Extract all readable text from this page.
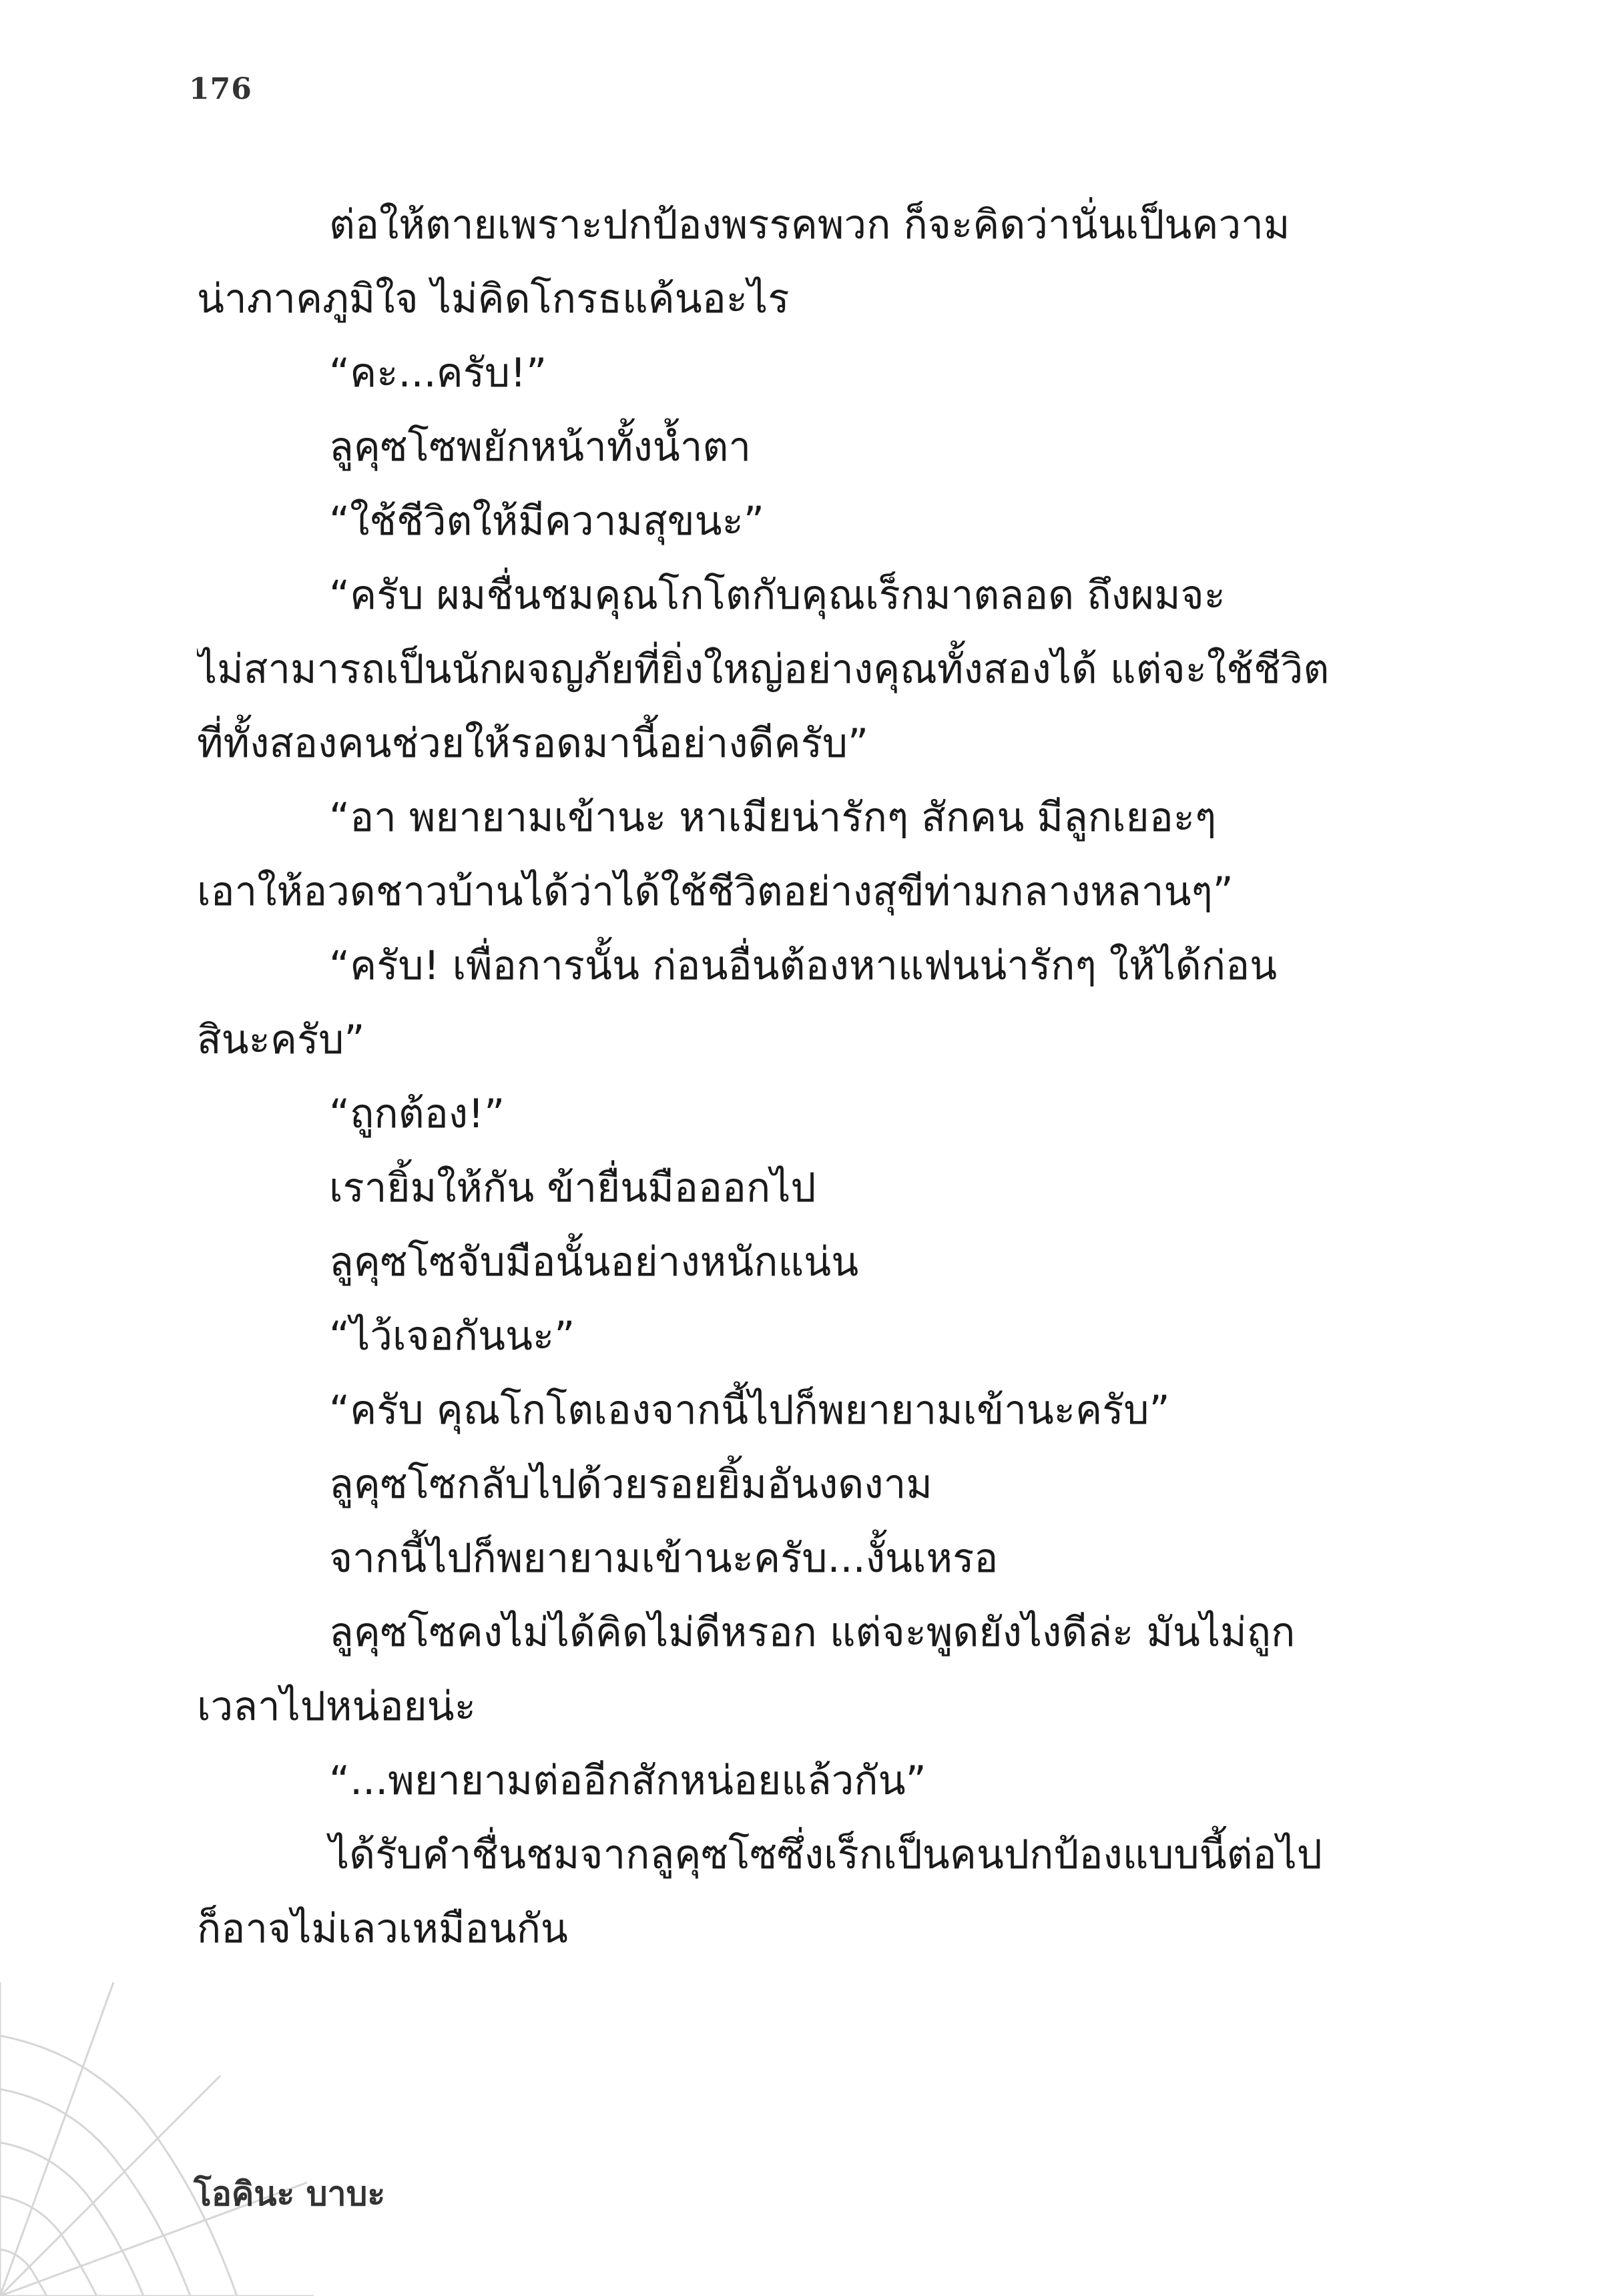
176
ต่อให้ตายเพราะปกป้องพรรคพวก ก็จะคิดว่านั่นเป็นความ
น่าภาคภูมิใจ ไม่คิดโกรธแค้นอะไร
“คะ...ครับ!”
ลูคุซโซพยักหน้าทั้งน้ำตา
“ใช้ชีวิตให้มีความสุขนะ”
“ครับ ผมชื่นชมคุณโกโตกับคุณเร็กมาตลอด ถึงผมจะ
ไม่สามารถเป็นนักผจญภัยที่ยิ่งใหญ่อย่างคุณทั้งสองได้ แต่จะใช้ชีวิต
ที่ทั้งสองคนช่วยให้รอดมานี้อย่างดีครับ”
“อา พยายามเข้านะ หาเมียน่ารักๆ สักคน มีลูกเยอะๆ
เอาให้อวดชาวบ้านได้ว่าได้ใช้ชีวิตอย่างสุขีท่ามกลางหลานๆ”
“ครับ! เพื่อการนั้น ก่อนอื่นต้องหาแฟนน่ารักๆ ให้ได้ก่อน
สินะครับ”
“ถูกต้อง!”
เรายิ้มให้กัน ข้ายื่นมือออกไป
ลูคุซโซจับมือนั้นอย่างหนักแน่น
“ไว้เจอกันนะ”
“ครับ คุณโกโตเองจากนี้ไปก็พยายามเข้านะครับ”
ลูคุซโซกลับไปด้วยรอยยิ้มอันงดงาม
จากนี้ไปก็พยายามเข้านะครับ...งั้นเหรอ
ลูคุซโซคงไม่ได้คิดไม่ดีหรอก แต่จะพูดยังไงดีล่ะ มันไม่ถูก
เวลาไปหน่อยน่ะ
“...พยายามต่ออีกสักหน่อยแล้วกัน”
ได้รับคำชื่นชมจากลูคุซโซซึ่งเร็กเป็นคนปกป้องแบบนี้ต่อไป
ก็อาจไม่เลวเหมือนกัน
โอคินะ บาบะ
